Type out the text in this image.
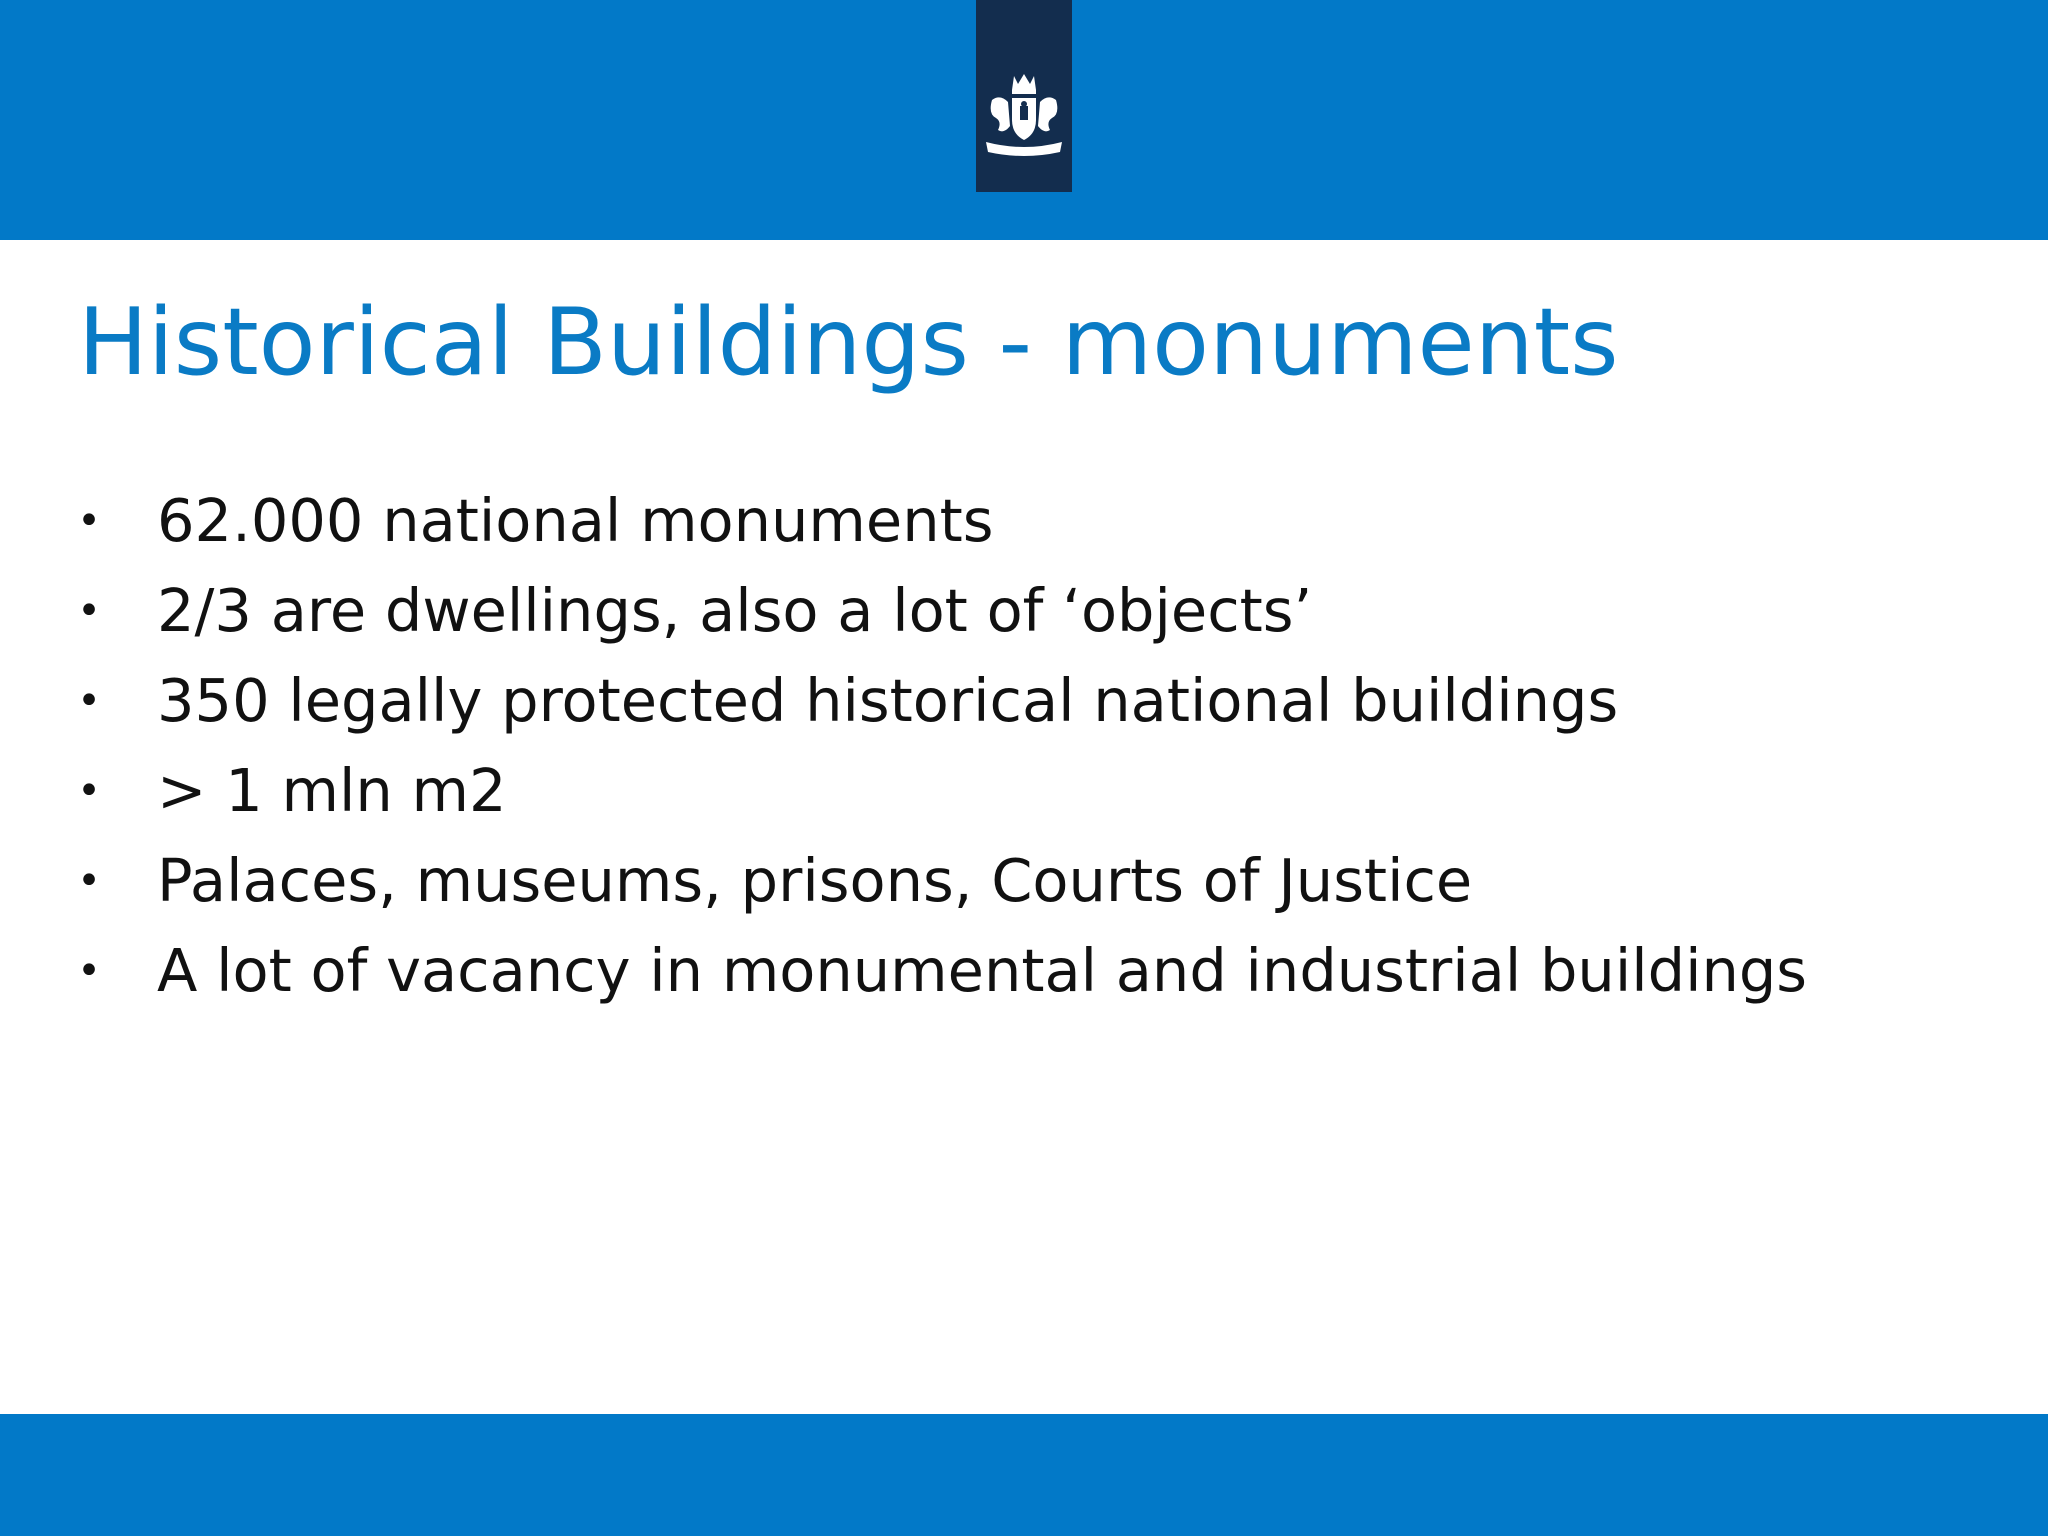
Historical Buildings - monuments
• 62.000 national monuments
• 2/3 are dwellings, also a lot of ‘objects’
• 350 legally protected historical national buildings
• > 1 mln m2
• Palaces, museums, prisons, Courts of Justice
• A lot of vacancy in monumental and industrial buildings
